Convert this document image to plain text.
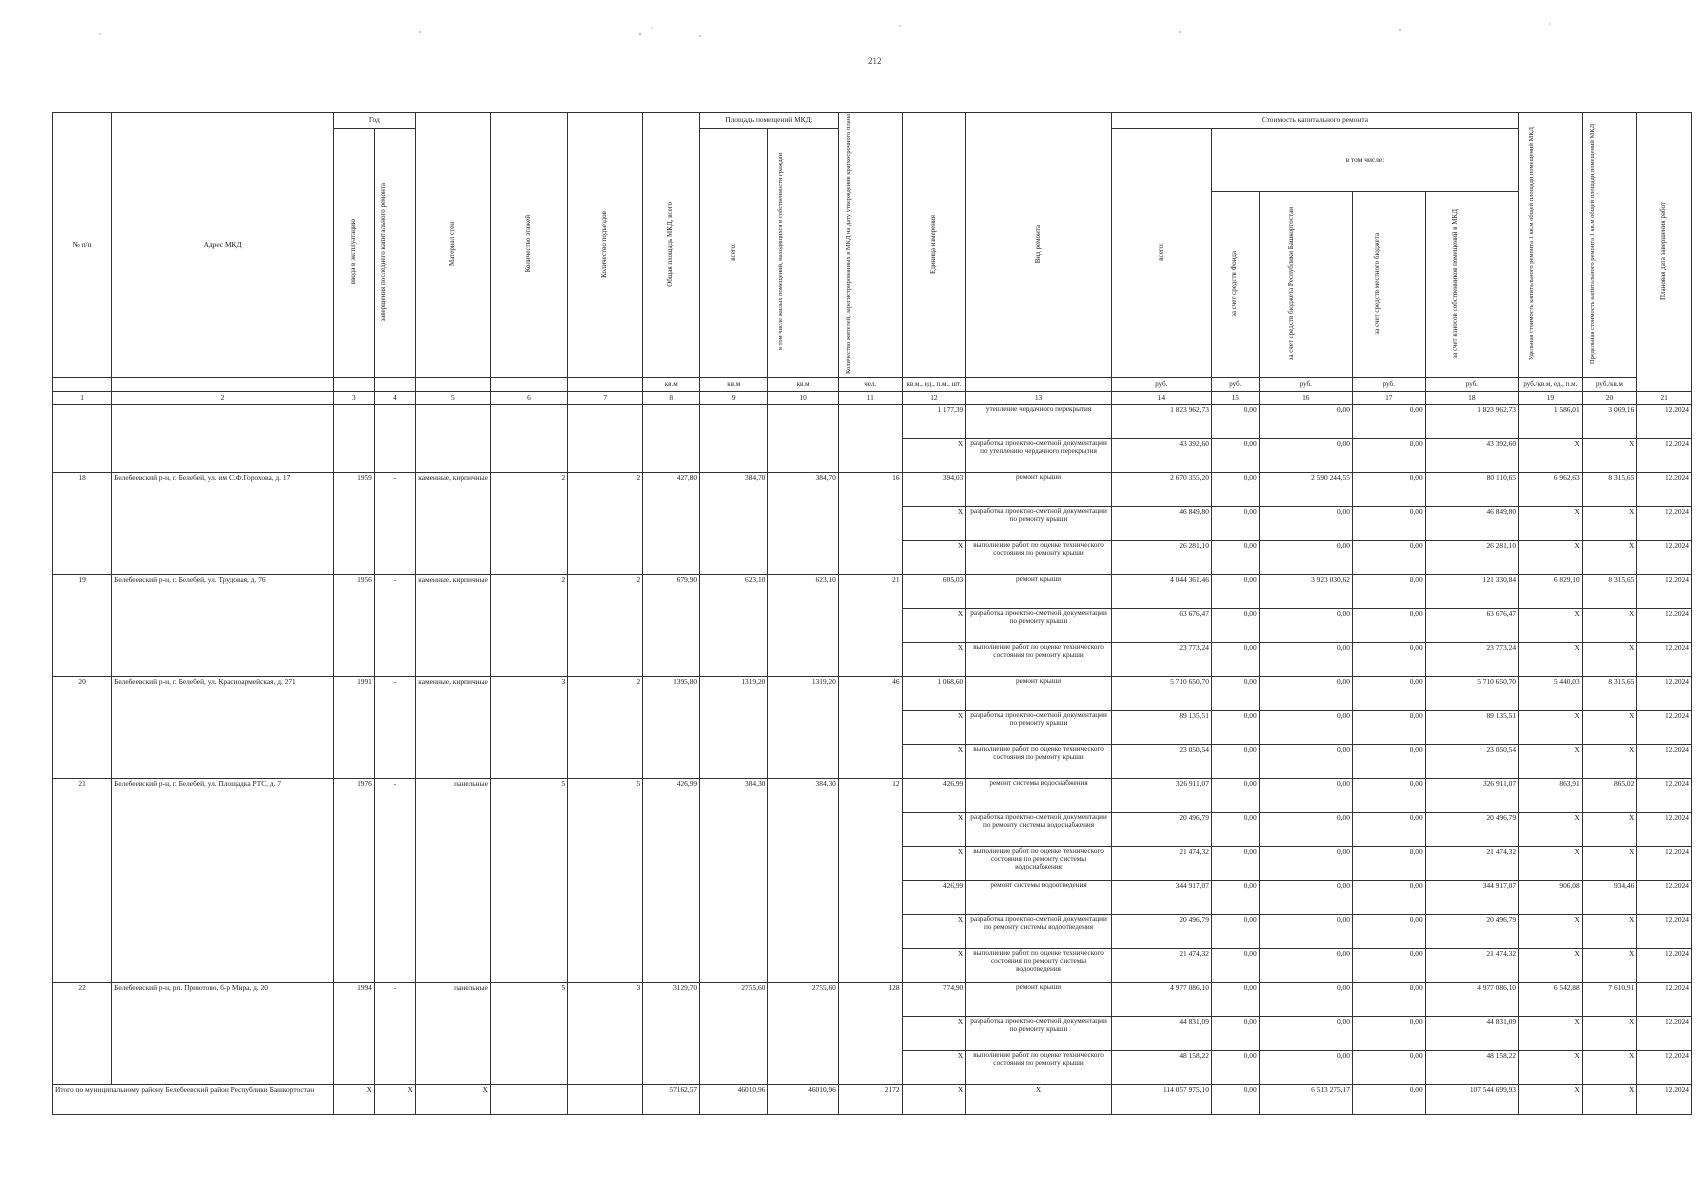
212
№ п/п	Адрес МКД	Год		Материал стен	Количество этажей	Количество подъездов	Общая площадь МКД, всего	Площадь помещений МКД:		Количество жителей, зарегистрированных в МКД на дату утверждения краткосрочного плана	Единица измерения	Вид ремонта	Стоимость капитального ремонта					Удельная стоимость капитального ремонта 1 кв.м общей площади помещений МКД	Предельная стоимость капитального ремонта 1 кв.м общей площади помещений МКД	Плановая дата завершения работ
		ввода в эксплуатацию	завершения последнего капитального ремонта					всего:	в том числе жилых помещений, находящихся в собственности граждан				всего:	в том числе:						
														за счет средств Фонда	за счет средств бюджета Республики Башкортостан	за счет средств местного бюджета	за счет взносов собственников помещений в МКД			
							кв.м	кв.м	кв.м	чел.	кв.м., ед., п.м., шт.		руб.	руб.	руб.	руб.	руб.	руб./кв.м, ед., п.м.	руб./кв.м	
1	2	3	4	5	6	7	8	9	10	11	12	13	14	15	16	17	18	19	20	21
											1 177,39	утепление чердачного перекрытия	1 823 962,73	0,00	0,00	0,00	1 823 962,73	1 586,01	3 069,16	12.2024
											X	разработка проектно-сметной документации по утеплению чердачного перекрытия	43 392,60	0,00	0,00	0,00	43 392,60	X	X	12.2024
18	Белебеевский р-н, г. Белебей, ул. им С.Ф.Горохова, д. 17	1959	-	каменные, кирпичные	2	2	427,80	384,70	384,70	16	394,03	ремонт крыши	2 670 355,20	0,00	2 590 244,55	0,00	80 110,65	6 962,63	8 315,65	12.2024
											X	разработка проектно-сметной документации по ремонту крыши	46 849,80	0,00	0,00	0,00	46 849,80	X	X	12.2024
											X	выполнение работ по оценке технического состояния по ремонту крыши	26 281,10	0,00	0,00	0,00	26 281,10	X	X	12.2024
19	Белебеевский р-н, г. Белебей, ул. Трудовая, д. 76	1956	-	каменные, кирпичные	2	2	679,90	623,10	623,10	21	605,03	ремонт крыши	4 044 361,46	0,00	3 923 030,62	0,00	121 330,84	6 829,10	8 315,65	12.2024
											X	разработка проектно-сметной документации по ремонту крыши	63 676,47	0,00	0,00	0,00	63 676,47	X	X	12.2024
											X	выполнение работ по оценке технического состояния по ремонту крыши	23 773,24	0,00	0,00	0,00	23 773,24	X	X	12.2024
20	Белебеевский р-н, г. Белебей, ул. Красноармейская, д. 271	1991	-	каменные, кирпичные	3	2	1395,80	1319,20	1319,20	46	1 068,60	ремонт крыши	5 710 650,70	0,00	0,00	0,00	5 710 650,70	5 440,03	8 315,65	12.2024
											X	разработка проектно-сметной документации по ремонту крыши	89 135,51	0,00	0,00	0,00	89 135,51	X	X	12.2024
											X	выполнение работ по оценке технического состояния по ремонту крыши	23 050,54	0,00	0,00	0,00	23 050,54	X	X	12.2024
21	Белебеевский р-н, г. Белебей, ул. Площадка РТС, д. 7	1976	-	панельные	5	5	426,99	384,30	384,30	12	426,99	ремонт системы водоснабжения	326 911,07	0,00	0,00	0,00	326 911,07	863,91	865,02	12.2024
											X	разработка проектно-сметной документации по ремонту системы водоснабжения	20 496,79	0,00	0,00	0,00	20 496,79	X	X	12.2024
											X	выполнение работ по оценке технического состояния по ремонту системы водоснабжения	21 474,32	0,00	0,00	0,00	21 474,32	X	X	12.2024
											426,99	ремонт системы водоотведения	344 917,07	0,00	0,00	0,00	344 917,07	906,08	934,46	12.2024
											X	разработка проектно-сметной документации по ремонту системы водоотведения	20 496,79	0,00	0,00	0,00	20 496,79	X	X	12.2024
											X	выполнение работ по оценке технического состояния по ремонту системы водоотведения	21 474,32	0,00	0,00	0,00	21 474,32	X	X	12.2024
22	Белебеевский р-н, рп. Приютово, б-р Мира, д. 20	1994	-	панельные	5	3	3129,70	2755,60	2755,60	128	774,90	ремонт крыши	4 977 086,10	0,00	0,00	0,00	4 977 086,10	6 542,88	7 610,91	12.2024
											X	разработка проектно-сметной документации по ремонту крыши	44 831,09	0,00	0,00	0,00	44 831,09	X	X	12.2024
											X	выполнение работ по оценке технического состояния по ремонту крыши	48 158,22	0,00	0,00	0,00	48 158,22	X	X	12.2024
Итого по муниципальному району Белебеевский район Республики Башкортостан		X	X	X			57162,57	46010,96	46010,96	2172	X	X	114 057 975,10	0,00	6 513 275,17	0,00	107 544 699,93	X	X	12.2024
